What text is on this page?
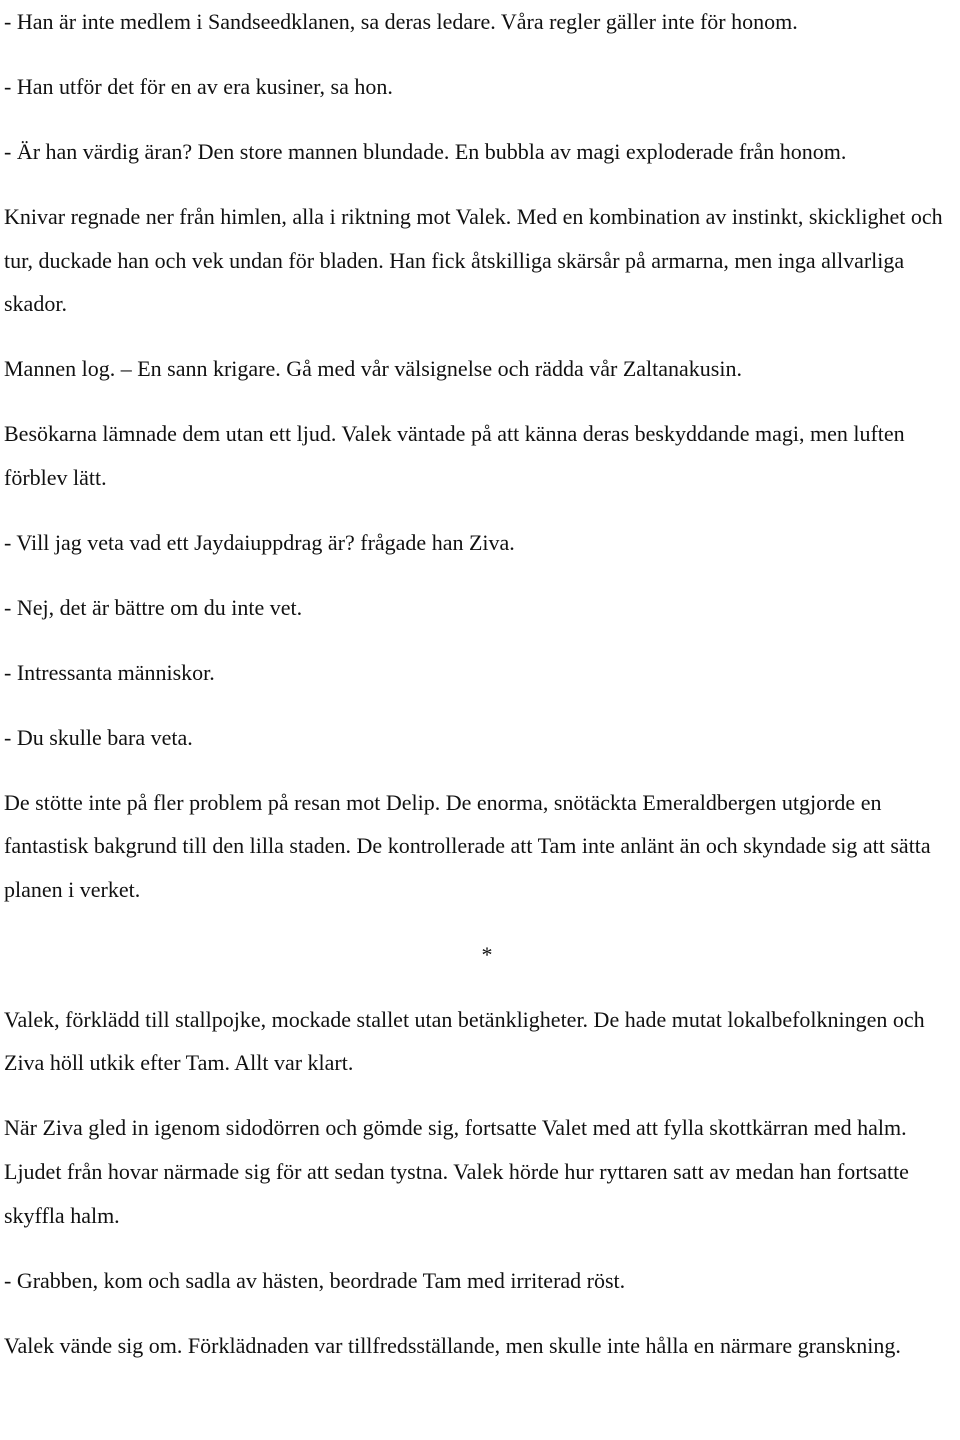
- Han är inte medlem i Sandseedklanen, sa deras ledare. Våra regler gäller inte för honom.

- Han utför det för en av era kusiner, sa hon.

- Är han värdig äran? Den store mannen blundade. En bubbla av magi exploderade från honom.

Knivar regnade ner från himlen, alla i riktning mot Valek. Med en kombination av instinkt, skicklighet och tur, duckade han och vek undan för bladen. Han fick åtskilliga skärsår på armarna, men inga allvarliga skador.

Mannen log. – En sann krigare. Gå med vår välsignelse och rädda vår Zaltanakusin.

Besökarna lämnade dem utan ett ljud. Valek väntade på att känna deras beskyddande magi, men luften förblev lätt.

- Vill jag veta vad ett Jaydaiuppdrag är? frågade han Ziva.

- Nej, det är bättre om du inte vet.

- Intressanta människor.

- Du skulle bara veta.

De stötte inte på fler problem på resan mot Delip. De enorma, snötäckta Emeraldbergen utgjorde en fantastisk bakgrund till den lilla staden. De kontrollerade att Tam inte anlänt än och skyndade sig att sätta planen i verket.

*

Valek, förklädd till stallpojke, mockade stallet utan betänkligheter. De hade mutat lokalbefolkningen och Ziva höll utkik efter Tam. Allt var klart.

När Ziva gled in igenom sidodörren och gömde sig, fortsatte Valet med att fylla skottkärran med halm. Ljudet från hovar närmade sig för att sedan tystna. Valek hörde hur ryttaren satt av medan han fortsatte skyffla halm.

- Grabben, kom och sadla av hästen, beordrade Tam med irriterad röst.

Valek vände sig om. Förklädnaden var tillfredsställande, men skulle inte hålla en närmare granskning.
